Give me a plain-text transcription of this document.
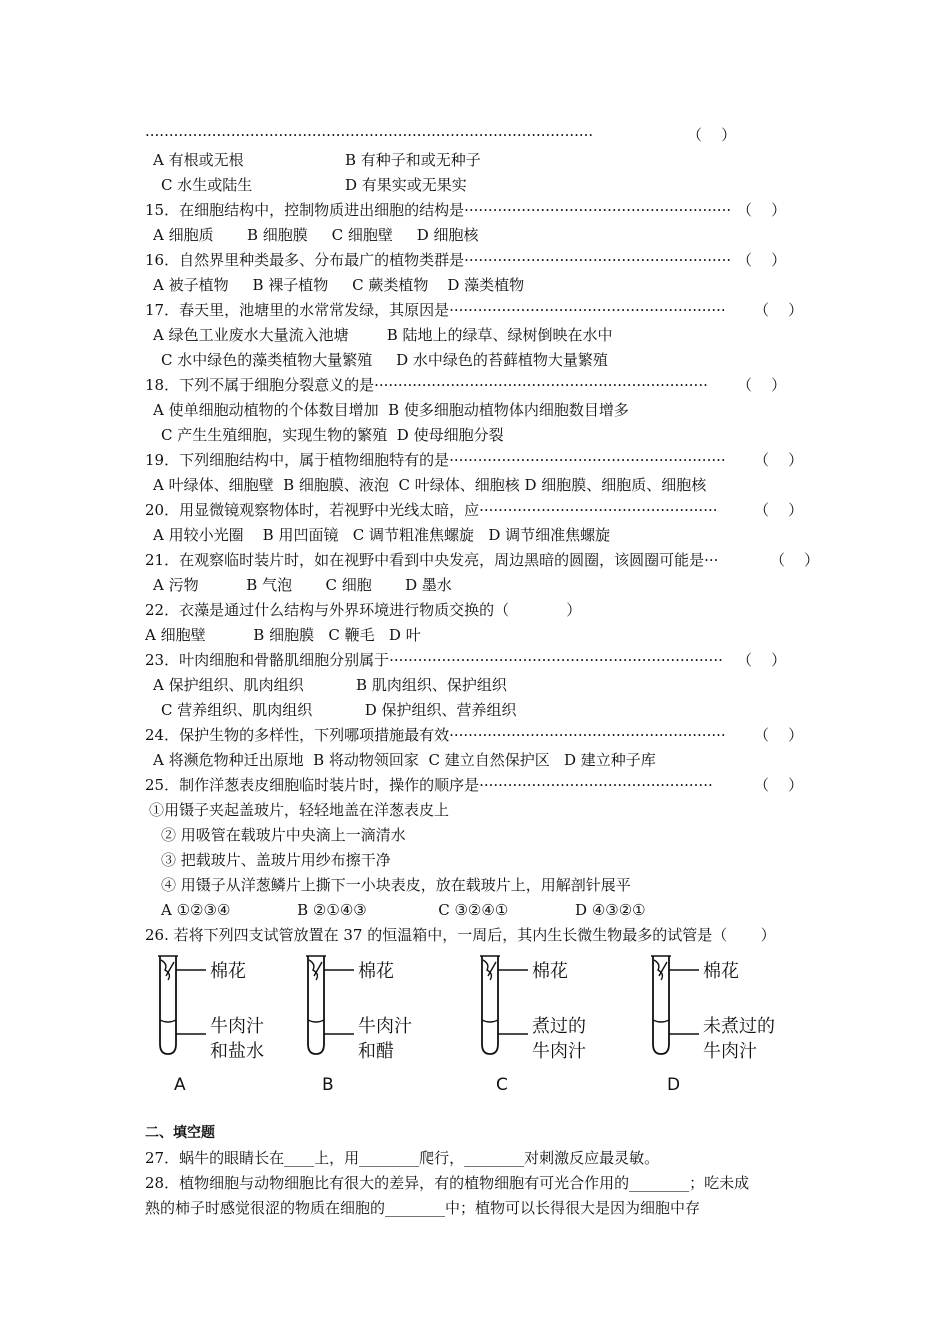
······························································································	（    ）
A 有根或无根	B 有种子和或无种子
C 水生或陆生	D 有果实或无果实
15．在细胞结构中，控制物质进出细胞的结构是························································ （    ）
A 细胞质       B 细胞膜     C 细胞壁     D 细胞核
16．自然界里种类最多、分布最广的植物类群是························································ （    ）
A 被子植物     B 裸子植物     C 蕨类植物    D 藻类植物
17．春天里，池塘里的水常常发绿，其原因是·························································· （    ）
A 绿色工业废水大量流入池塘        B 陆地上的绿草、绿树倒映在水中
C 水中绿色的藻类植物大量繁殖     D 水中绿色的苔藓植物大量繁殖
18．下列不属于细胞分裂意义的是······································································ （    ）
A 使单细胞动植物的个体数目增加  B 使多细胞动植物体内细胞数目增多
C 产生生殖细胞，实现生物的繁殖  D 使母细胞分裂
19．下列细胞结构中，属于植物细胞特有的是·························································· （    ）
A 叶绿体、细胞壁  B 细胞膜、液泡  C 叶绿体、细胞核 D 细胞膜、细胞质、细胞核
20．用显微镜观察物体时，若视野中光线太暗，应·················································· （    ）
A 用较小光圈    B 用凹面镜   C 调节粗准焦螺旋   D 调节细准焦螺旋
21．在观察临时装片时，如在视野中看到中央发亮，周边黑暗的圆圈，该圆圈可能是···	（    ）
A 污物          B 气泡       C 细胞       D 墨水
22．衣藻是通过什么结构与外界环境进行物质交换的（            ）
A 细胞壁          B 细胞膜   C 鞭毛   D 叶
23．叶肉细胞和骨骼肌细胞分别属于······································································ （    ）
A 保护组织、肌肉组织           B 肌肉组织、保护组织
C 营养组织、肌肉组织           D 保护组织、营养组织
24．保护生物的多样性，下列哪项措施最有效·························································· （    ）
A 将濒危物种迁出原地  B 将动物领回家  C 建立自然保护区   D 建立种子库
25．制作洋葱表皮细胞临时装片时，操作的顺序是·················································	（    ）
①用镊子夹起盖玻片，轻轻地盖在洋葱表皮上
② 用吸管在载玻片中央滴上一滴清水
③ 把载玻片、盖玻片用纱布擦干净
④ 用镊子从洋葱鳞片上撕下一小块表皮，放在载玻片上，用解剖针展平
A ①②③④              B ②①④③               C ③②④①              D ④③②①
26. 若将下列四支试管放置在 37 的恒温箱中，一周后，其内生长微生物最多的试管是（       ）
棉花
牛肉汁
和盐水
A
棉花
牛肉汁
和醋
B
棉花
煮过的
牛肉汁
C
棉花
未煮过的
牛肉汁
D
二、填空题
27．蜗牛的眼睛长在____上，用________爬行，________对刺激反应最灵敏。
28．植物细胞与动物细胞比有很大的差异，有的植物细胞有可光合作用的________；吃未成
熟的柿子时感觉很涩的物质在细胞的________中；植物可以长得很大是因为细胞中存
